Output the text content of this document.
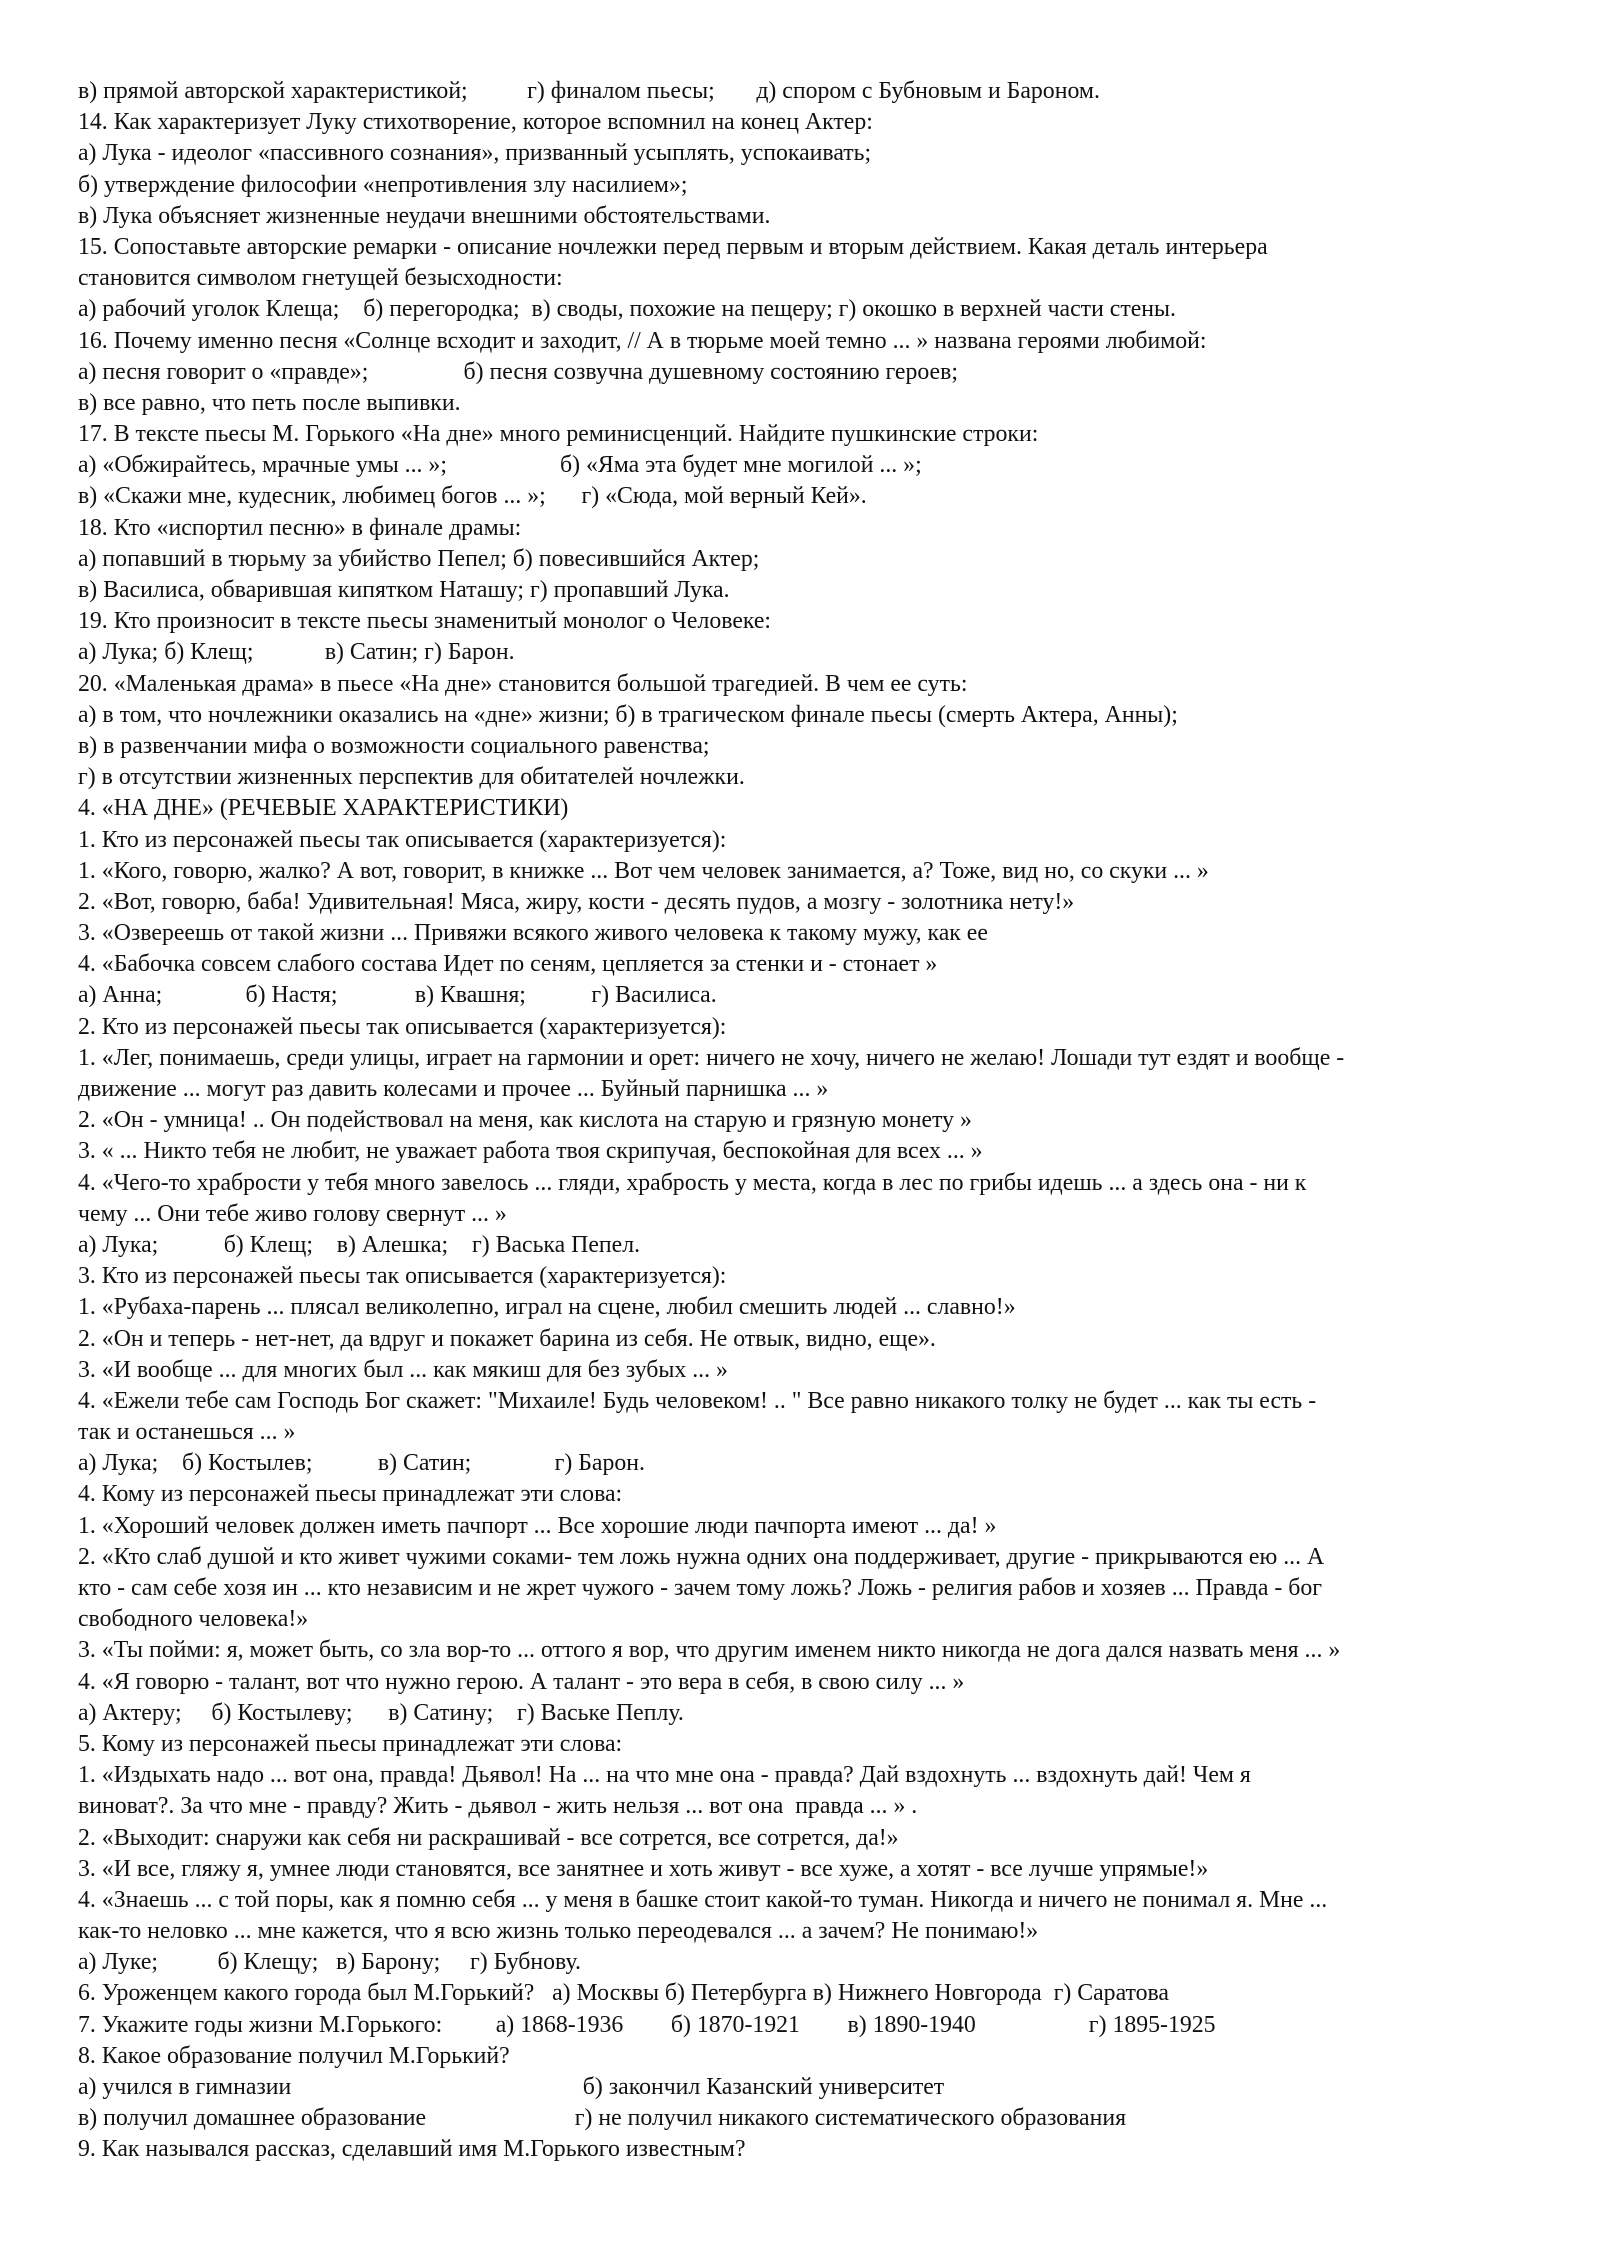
в) прямой авторской характеристикой;          г) финалом пьесы;       д) спором с Бубновым и Бароном.
14. Как характеризует Луку стихотворение, которое вспомнил на конец Актер:
а) Лука - идеолог «пассивного сознания», призванный усыплять, успокаивать;
б) утверждение философии «непротивления злу насилием»;
в) Лука объясняет жизненные неудачи внешними обстоятельствами.
15. Сопоставьте авторские ремарки - описание ночлежки перед первым и вторым действием. Какая деталь интерьера
становится символом гнетущей безысходности:
а) рабочий уголок Клеща;    б) перегородка;  в) своды, похожие на пещеру; г) окошко в верхней части стены.
16. Почему именно песня «Солнце всходит и заходит, // А в тюрьме моей темно ... » названа героями любимой:
а) песня говорит о «правде»;                б) песня созвучна душевному состоянию героев;
в) все равно, что петь после выпивки.
17. В тексте пьесы М. Горького «На дне» много реминисценций. Найдите пушкинские строки:
а) «Обжирайтесь, мрачные умы ... »;                   б) «Яма эта будет мне могилой ... »;
в) «Скажи мне, кудесник, любимец богов ... »;      г) «Сюда, мой верный Кей».
18. Кто «испортил песню» в финале драмы:
а) попавший в тюрьму за убийство Пепел; б) повесившийся Актер;
в) Василиса, обварившая кипятком Наташу; г) пропавший Лука.
19. Кто произносит в тексте пьесы знаменитый монолог о Человеке:
а) Лука; б) Клещ;            в) Сатин; г) Барон.
20. «Маленькая драма» в пьесе «На дне» становится большой трагедией. В чем ее суть:
а) в том, что ночлежники оказались на «дне» жизни; б) в трагическом финале пьесы (смерть Актера, Анны);
в) в развенчании мифа о возможности социального равенства;
г) в отсутствии жизненных перспектив для обитателей ночлежки.
4. «НА ДНЕ» (РЕЧЕВЫЕ ХАРАКТЕРИСТИКИ)
1. Кто из персонажей пьесы так описывается (характеризуется):
1. «Кого, говорю, жалко? А вот, говорит, в книжке ... Вот чем человек занимается, а? Тоже, вид но, со скуки ... »
2. «Вот, говорю, баба! Удивительная! Мяса, жиру, кости - десять пудов, а мозгу - золотника нету!»
3. «Озвереешь от такой жизни ... Привяжи всякого живого человека к такому мужу, как ее
4. «Бабочка совсем слабого состава Идет по сеням, цепляется за стенки и - стонает »
а) Анна;              б) Настя;             в) Квашня;           г) Василиса.
2. Кто из персонажей пьесы так описывается (характеризуется):
1. «Лег, понимаешь, среди улицы, играет на гармонии и орет: ничего не хочу, ничего не желаю! Лошади тут ездят и вообще -
движение ... могут раз давить колесами и прочее ... Буйный парнишка ... »
2. «Он - умница! .. Он подействовал на меня, как кислота на старую и грязную монету »
3. « ... Никто тебя не любит, не уважает работа твоя скрипучая, беспокойная для всех ... »
4. «Чего-то храбрости у тебя много завелось ... гляди, храбрость у места, когда в лес по грибы идешь ... а здесь она - ни к
чему ... Они тебе живо голову свернут ... »
а) Лука;           б) Клещ;    в) Алешка;    г) Васька Пепел.
3. Кто из персонажей пьесы так описывается (характеризуется):
1. «Рубаха-парень ... плясал великолепно, играл на сцене, любил смешить людей ... славно!»
2. «Он и теперь - нет-нет, да вдруг и покажет барина из себя. Не отвык, видно, еще».
3. «И вообще ... для многих был ... как мякиш для без зубых ... »
4. «Ежели тебе сам Господь Бог скажет: "Михаиле! Будь человеком! .. " Все равно никакого толку не будет ... как ты есть -
так и останешься ... »
а) Лука;    б) Костылев;           в) Сатин;              г) Барон.
4. Кому из персонажей пьесы принадлежат эти слова:
1. «Хороший человек должен иметь пачпорт ... Все хорошие люди пачпорта имеют ... да! »
2. «Кто слаб душой и кто живет чужими соками- тем ложь нужна одних она поддерживает, другие - прикрываются ею ... А
кто - сам себе хозя ин ... кто независим и не жрет чужого - зачем тому ложь? Ложь - религия рабов и хозяев ... Правда - бог
свободного человека!»
3. «Ты пойми: я, может быть, со зла вор-то ... оттого я вор, что другим именем никто никогда не дога дался назвать меня ... »
4. «Я говорю - талант, вот что нужно герою. А талант - это вера в себя, в свою силу ... »
а) Актеру;     б) Костылеву;      в) Сатину;    г) Ваське Пеплу.
5. Кому из персонажей пьесы принадлежат эти слова:
1. «Издыхать надо ... вот она, правда! Дьявол! На ... на что мне она - правда? Дай вздохнуть ... вздохнуть дай! Чем я
виноват?. За что мне - правду? Жить - дьявол - жить нельзя ... вот она  правда ... » .
2. «Выходит: снаружи как себя ни раскрашивай - все сотрется, все сотрется, да!»
3. «И все, гляжу я, умнее люди становятся, все занятнее и хоть живут - все хуже, а хотят - все лучше упрямые!»
4. «Знаешь ... с той поры, как я помню себя ... у меня в башке стоит какой-то туман. Никогда и ничего не понимал я. Мне ...
как-то неловко ... мне кажется, что я всю жизнь только переодевался ... а зачем? Не понимаю!»
а) Луке;          б) Клещу;   в) Барону;     г) Бубнову.
6. Уроженцем какого города был М.Горький?   а) Москвы б) Петербурга в) Нижнего Новгорода  г) Саратова
7. Укажите годы жизни М.Горького:         а) 1868-1936        б) 1870-1921        в) 1890-1940                   г) 1895-1925
8. Какое образование получил М.Горький?
а) учился в гимназии                                                 б) закончил Казанский университет
в) получил домашнее образование                         г) не получил никакого систематического образования
9. Как назывался рассказ, сделавший имя М.Горького известным?
